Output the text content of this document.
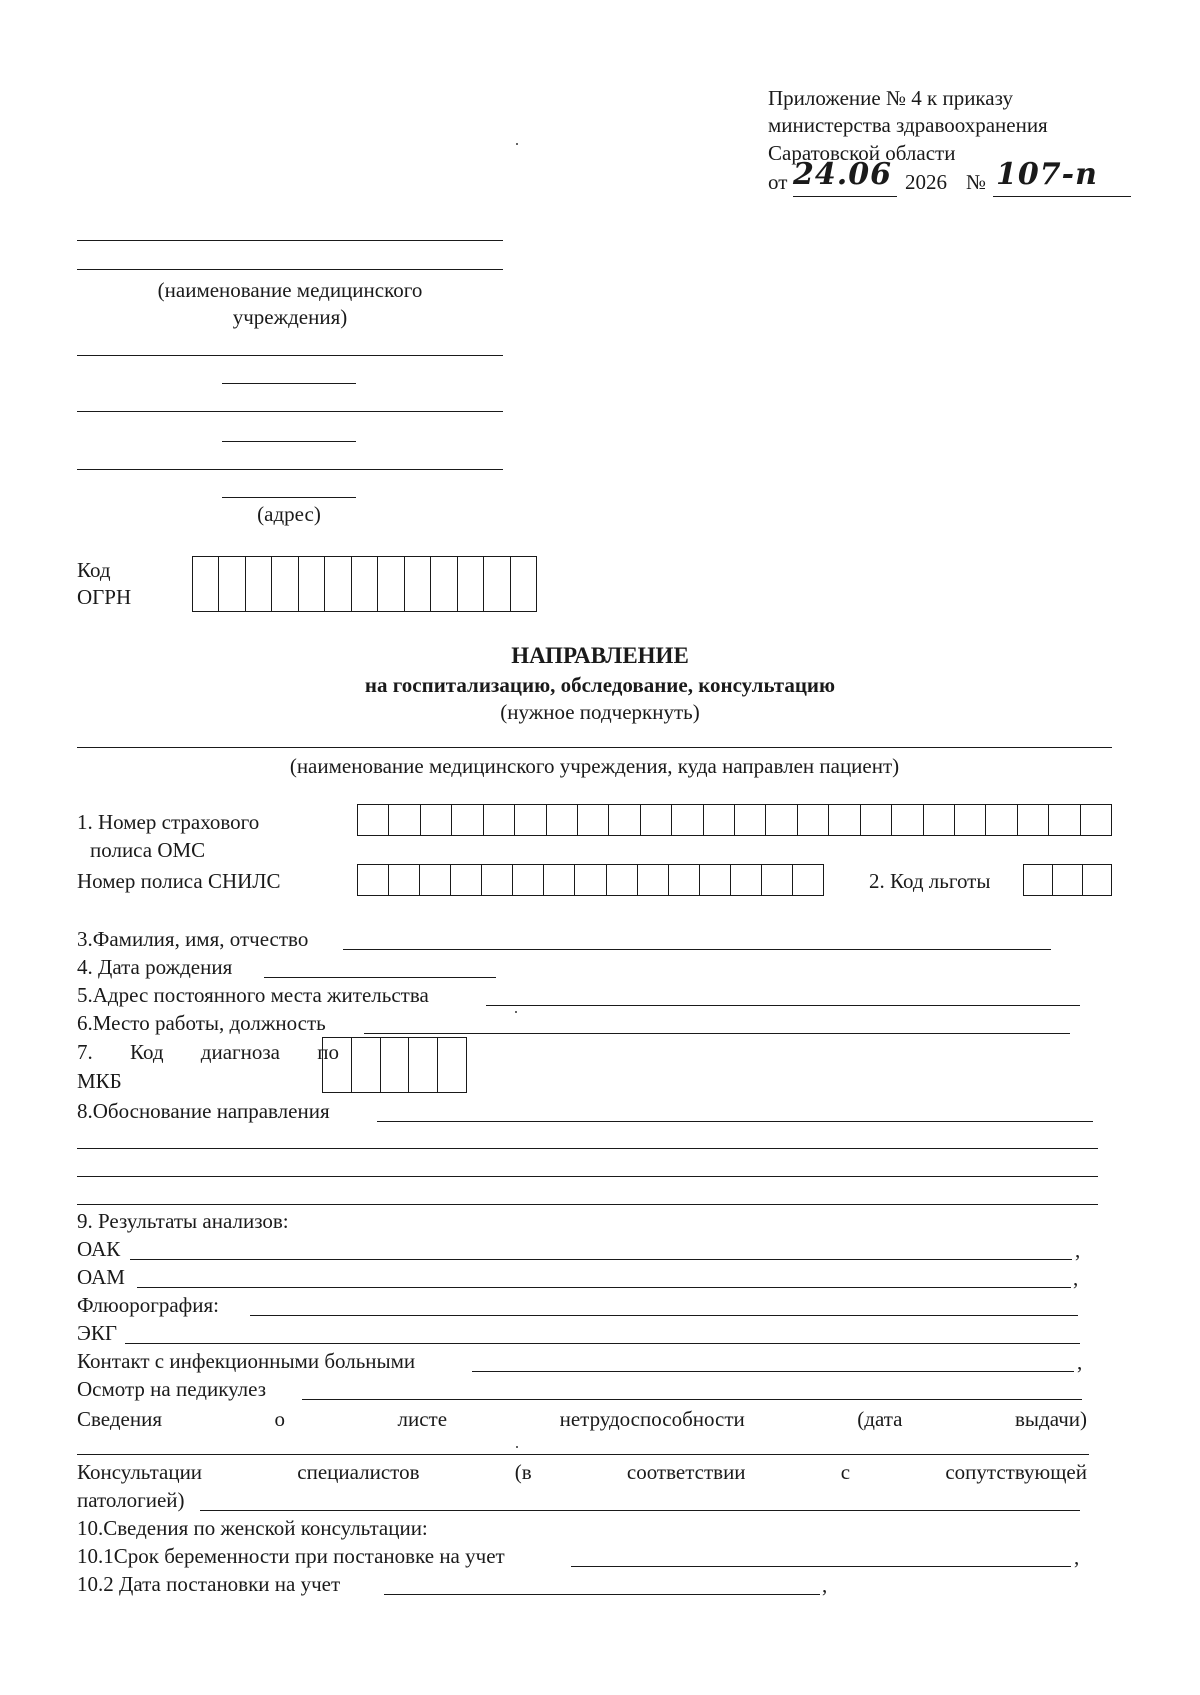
Приложение № 4 к приказу
министерства здравоохранения
Саратовской области
от 24.06 2026 № 107-п
(наименование медицинского
учреждения)
(адрес)
Код
ОГРН
НАПРАВЛЕНИЕ
на госпитализацию, обследование, консультацию
(нужное подчеркнуть)
(наименование медицинского учреждения, куда направлен пациент)
1. Номер страхового
полиса ОМС
Номер полиса СНИЛС	2. Код льготы
3.Фамилия, имя, отчество
4. Дата рождения
5.Адрес постоянного места жительства
6.Место работы, должность
7. Код диагноза по
МКБ
8.Обоснование направления
9. Результаты анализов:
ОАК	,
ОАМ	,
Флюорография:
ЭКГ
Контакт с инфекционными больными	,
Осмотр на педикулез
Сведения	о	листе	нетрудоспособности	(дата	выдачи)
Консультации	специалистов	(в	соответствии	с	сопутствующей
патологией)
10.Сведения по женской консультации:
10.1Срок беременности при постановке на учет	,
10.2 Дата постановки на учет	,
